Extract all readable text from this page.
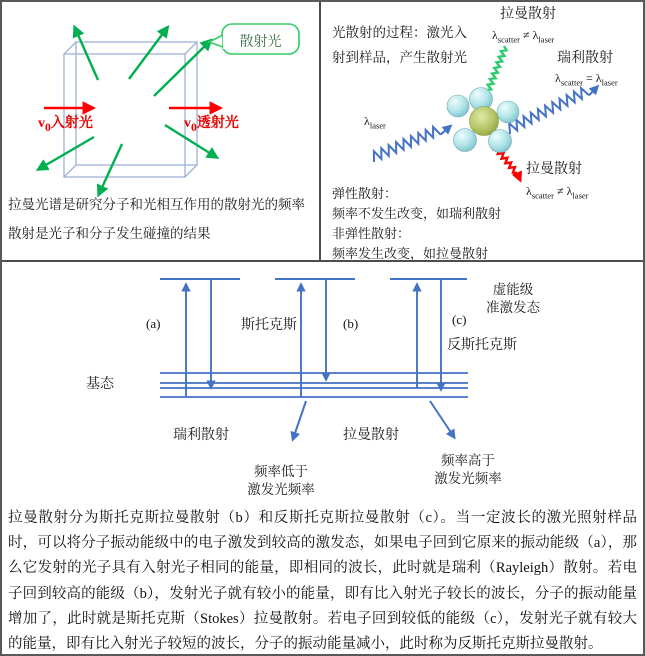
散射光
$v_0$入射光	$v_0$透射光
拉曼光谱是研究分子和光相互作用的散射光的频率
散射是光子和分子发生碰撞的结果
光散射的过程：激光入
射到样品，产生散射光
拉曼散射
$\lambda_{scatter} \ne \lambda_{laser}$
瑞利散射
$\lambda_{scatter} = \lambda_{laser}$
$\lambda_{laser}$
拉曼散射
$\lambda_{scatter} \ne \lambda_{laser}$
弹性散射：
频率不发生改变，如瑞利散射
非弹性散射：
频率发生改变，如拉曼散射
(a)	斯托克斯	(b)	(c)
虚能级
准激发态
反斯托克斯
基态
瑞利散射	拉曼散射
频率低于
激发光频率
频率高于
激发光频率
拉曼散射分为斯托克斯拉曼散射（b）和反斯托克斯拉曼散射（c）。当一定波长的激光照射样品时，可以将分子振动能级中的电子激发到较高的激发态，如果电子回到它原来的振动能级（a），那么它发射的光子具有入射光子相同的能量，即相同的波长，此时就是瑞利（Rayleigh）散射。若电子回到较高的能级（b），发射光子就有较小的能量，即有比入射光子较长的波长，分子的振动能量增加了，此时就是斯托克斯（Stokes）拉曼散射。若电子回到较低的能级（c），发射光子就有较大的能量，即有比入射光子较短的波长，分子的振动能量减小，此时称为反斯托克斯拉曼散射。
